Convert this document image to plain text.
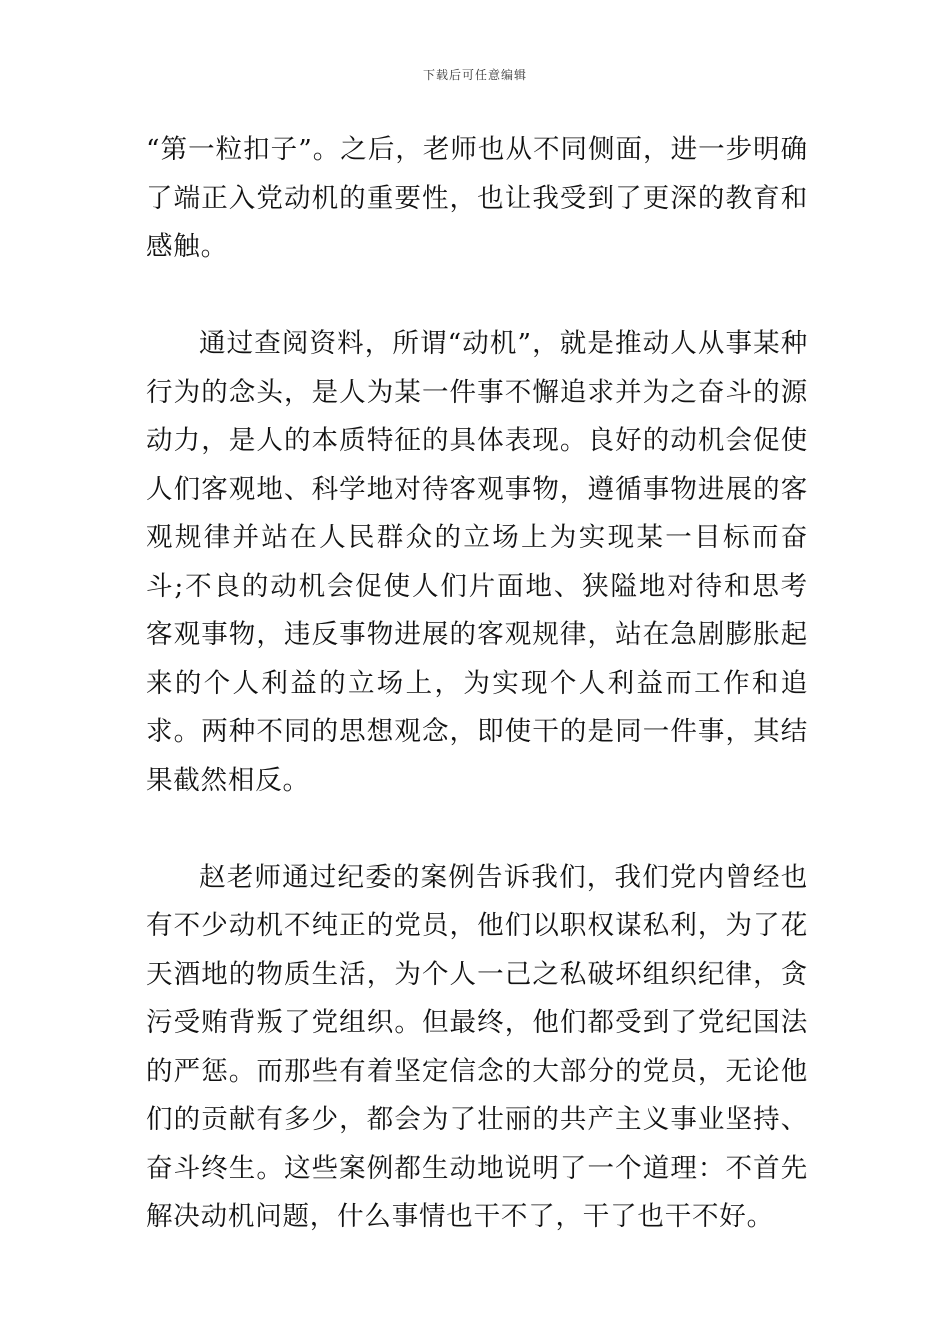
下载后可任意编辑

“第一粒扣子”。之后，老师也从不同侧面，进一步明确了端正入党动机的重要性，也让我受到了更深的教育和感触。

通过查阅资料，所谓“动机”，就是推动人从事某种行为的念头，是人为某一件事不懈追求并为之奋斗的源动力，是人的本质特征的具体表现。良好的动机会促使人们客观地、科学地对待客观事物，遵循事物进展的客观规律并站在人民群众的立场上为实现某一目标而奋斗;不良的动机会促使人们片面地、狭隘地对待和思考客观事物，违反事物进展的客观规律，站在急剧膨胀起来的个人利益的立场上，为实现个人利益而工作和追求。两种不同的思想观念，即使干的是同一件事，其结果截然相反。

赵老师通过纪委的案例告诉我们，我们党内曾经也有不少动机不纯正的党员，他们以职权谋私利，为了花天酒地的物质生活，为个人一己之私破坏组织纪律，贪污受贿背叛了党组织。但最终，他们都受到了党纪国法的严惩。而那些有着坚定信念的大部分的党员，无论他们的贡献有多少，都会为了壮丽的共产主义事业坚持、奋斗终生。这些案例都生动地说明了一个道理：不首先解决动机问题，什么事情也干不了，干了也干不好。
